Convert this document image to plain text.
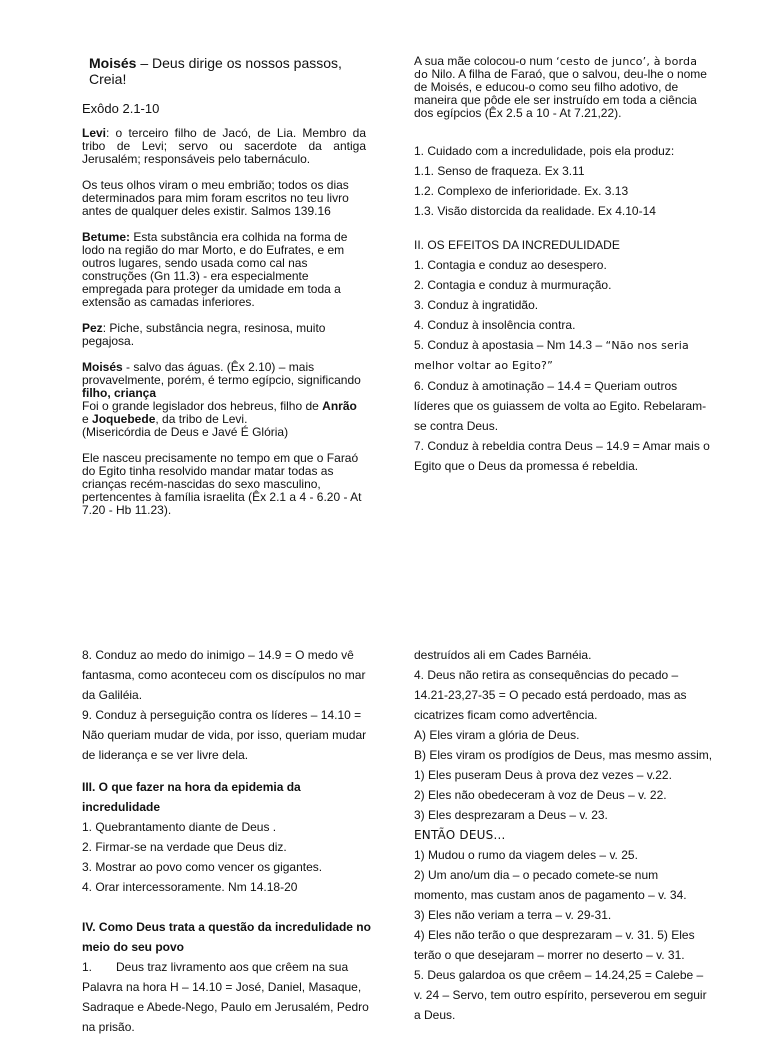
Moisés – Deus dirige os nossos passos, Creia!

Exôdo 2.1-10

Levi: o terceiro filho de Jacó, de Lia. Membro da tribo de Levi; servo ou sacerdote da antiga Jerusalém; responsáveis pelo tabernáculo.

Os teus olhos viram o meu embrião; todos os dias determinados para mim foram escritos no teu livro antes de qualquer deles existir. Salmos 139.16

Betume: Esta substância era colhida na forma de lodo na região do mar Morto, e do Eufrates, e em outros lugares, sendo usada como cal nas construções (Gn 11.3) - era especialmente empregada para proteger da umidade em toda a extensão as camadas inferiores.

Pez: Piche, substância negra, resinosa, muito pegajosa.

Moisés - salvo das águas. (Êx 2.10) – mais provavelmente, porém, é termo egípcio, significando filho, criança

Foi o grande legislador dos hebreus, filho de Anrão e Joquebede, da tribo de Levi.

(Misericórdia de Deus e Javé É Glória)

Ele nasceu precisamente no tempo em que o Faraó do Egito tinha resolvido mandar matar todas as crianças recém-nascidas do sexo masculino, pertencentes à família israelita (Êx 2.1 a 4 - 6.20 - At 7.20 - Hb 11.23).

A sua mãe colocou-o num ‘cesto de junco’, à borda do Nilo. A filha de Faraó, que o salvou, deu-lhe o nome de Moisés, e educou-o como seu filho adotivo, de maneira que pôde ele ser instruído em toda a ciência dos egípcios (Êx 2.5 a 10 - At 7.21,22).

1. Cuidado com a incredulidade, pois ela produz:

1.1. Senso de fraqueza. Ex 3.11

1.2. Complexo de inferioridade. Ex. 3.13

1.3. Visão distorcida da realidade. Ex 4.10-14

II. OS EFEITOS DA INCREDULIDADE

1. Contagia e conduz ao desespero.

2. Contagia e conduz à murmuração.

3. Conduz à ingratidão.

4. Conduz à insolência contra.

5. Conduz à apostasia – Nm 14.3 – “Não nos seria

melhor voltar ao Egito?”

6. Conduz à amotinação – 14.4 = Queriam outros líderes que os guiassem de volta ao Egito. Rebelaram-se contra Deus.

7. Conduz à rebeldia contra Deus – 14.9 = Amar mais o Egito que o Deus da promessa é rebeldia.

8. Conduz ao medo do inimigo – 14.9 = O medo vê fantasma, como aconteceu com os discípulos no mar da Galiléia.

9. Conduz à perseguição contra os líderes – 14.10 = Não queriam mudar de vida, por isso, queriam mudar de liderança e se ver livre dela.

III. O que fazer na hora da epidemia da incredulidade

1. Quebrantamento diante de Deus .

2. Firmar-se na verdade que Deus diz.

3. Mostrar ao povo como vencer os gigantes.

4. Orar intercessoramente. Nm 14.18-20

IV. Como Deus trata a questão da incredulidade no meio do seu povo

1. Deus traz livramento aos que crêem na sua Palavra na hora H – 14.10 = José, Daniel, Masaque, Sadraque e Abede-Nego, Paulo em Jerusalém, Pedro na prisão.

destruídos ali em Cades Barnéia.

4. Deus não retira as consequências do pecado – 14.21-23,27-35 = O pecado está perdoado, mas as cicatrizes ficam como advertência.

A) Eles viram a glória de Deus.

B) Eles viram os prodígios de Deus, mas mesmo assim,

1) Eles puseram Deus à prova dez vezes – v.22.

2) Eles não obedeceram à voz de Deus – v. 22.

3) Eles desprezaram a Deus – v. 23.

ENTÃO DEUS…

1) Mudou o rumo da viagem deles – v. 25.

2) Um ano/um dia – o pecado comete-se num momento, mas custam anos de pagamento – v. 34.

3) Eles não veriam a terra – v. 29-31.

4) Eles não terão o que desprezaram – v. 31. 5) Eles terão o que desejaram – morrer no deserto – v. 31.

5. Deus galardoa os que crêem – 14.24,25 = Calebe – v. 24 – Servo, tem outro espírito, perseverou em seguir a Deus.
